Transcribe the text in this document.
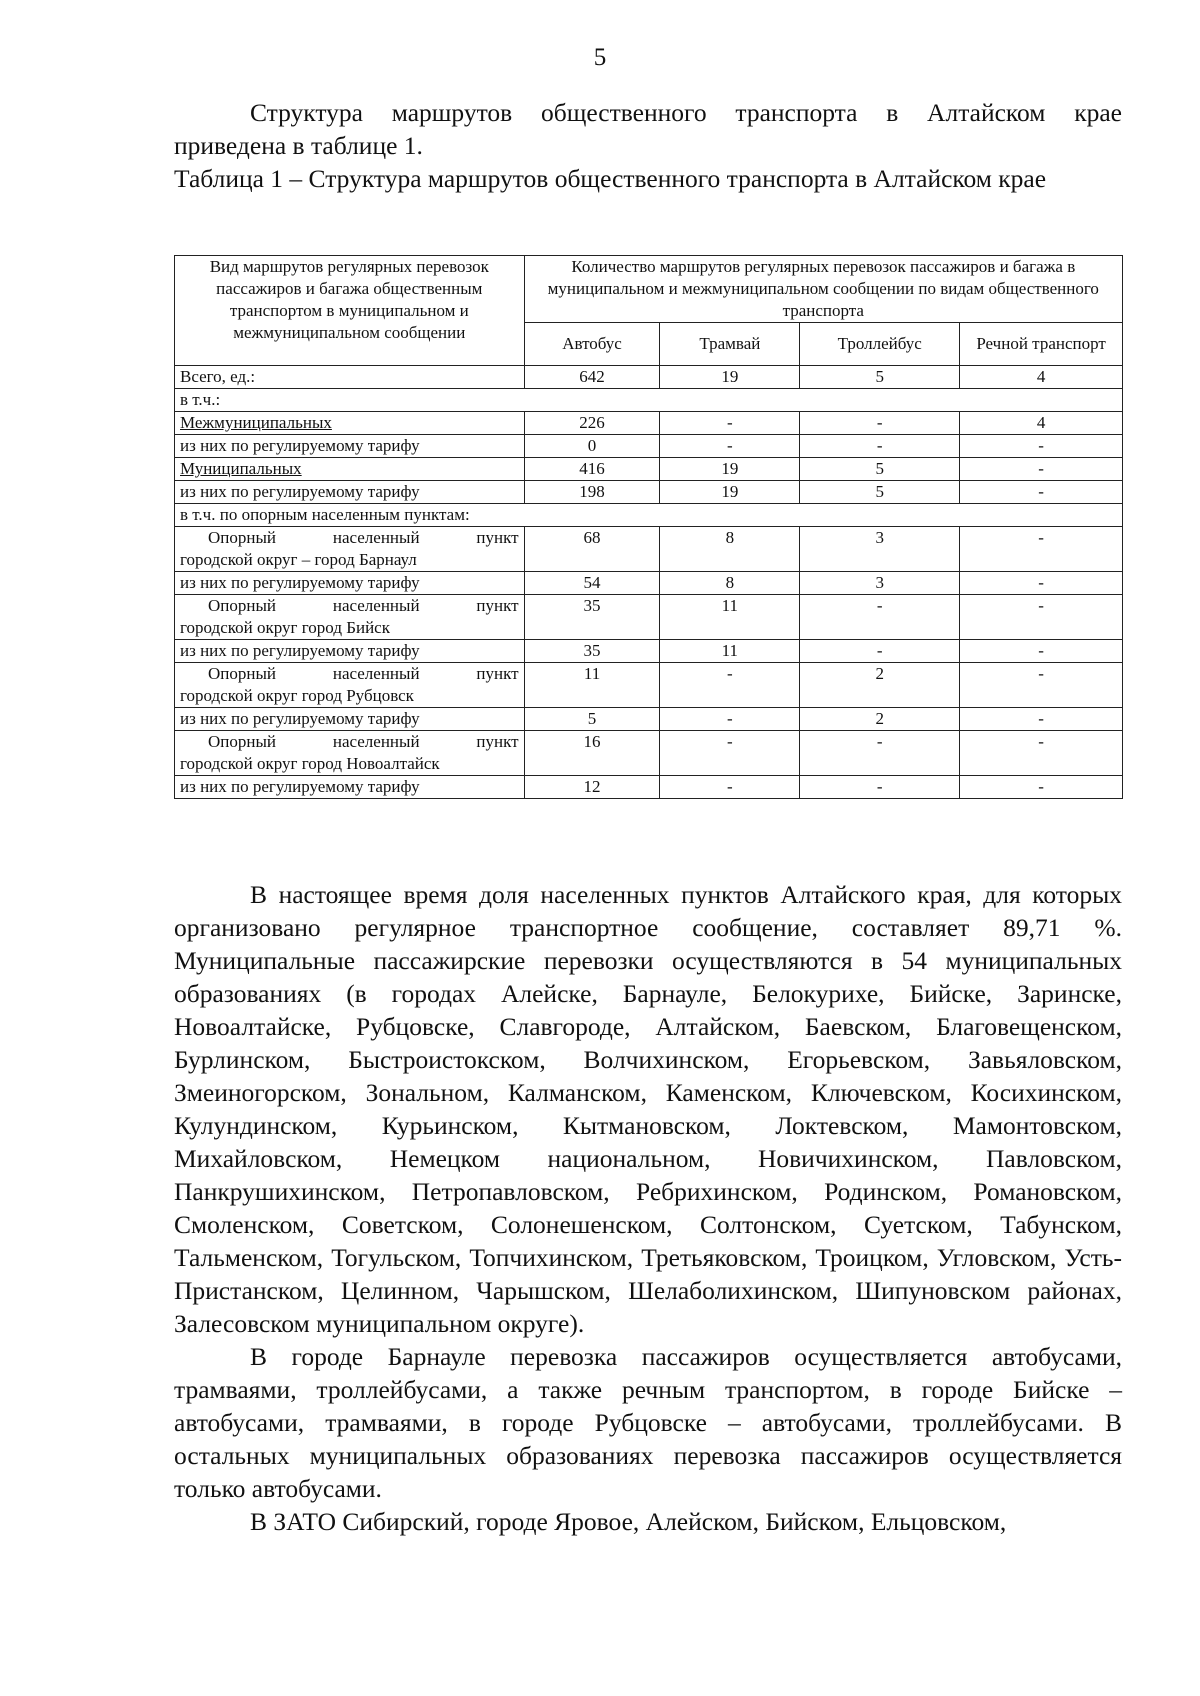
5

Структура маршрутов общественного транспорта в Алтайском крае

приведена в таблице 1.

Таблица 1 – Структура маршрутов общественного транспорта в Алтайском крае

Вид маршрутов регулярных перевозок пассажиров и багажа общественным транспортом в муниципальном и межмуниципальном сообщении	Количество маршрутов регулярных перевозок пассажиров и багажа в муниципальном и межмуниципальном сообщении по видам общественного транспорта			
	Автобус	Трамвай	Троллейбус	Речной транспорт
Всего, ед.:	642	19	5	4
в т.ч.:				
Межмуниципальных	226	-	-	4
из них по регулируемому тарифу	0	-	-	-
Муниципальных	416	19	5	-
из них по регулируемому тарифу	198	19	5	-
в т.ч. по опорным населенным пунктам:				

Опорный населенный пункт
городской округ – город Барнаул	68	8	3	-
из них по регулируемому тарифу	54	8	3	-

Опорный населенный пункт
городской округ город Бийск	35	11	-	-
из них по регулируемому тарифу	35	11	-	-

Опорный населенный пункт
городской округ город Рубцовск	11	-	2	-
из них по регулируемому тарифу	5	-	2	-

Опорный населенный пункт
городской округ город Новоалтайск	16	-	-	-
из них по регулируемому тарифу	12	-	-	-

В настоящее время доля населенных пунктов Алтайского края, для которых организовано регулярное транспортное сообщение, составляет 89,71 %. Муниципальные пассажирские перевозки осуществляются в 54 муниципальных образованиях (в городах Алейске, Барнауле, Белокурихе, Бийске, Заринске, Новоалтайске, Рубцовске, Славгороде, Алтайском, Баевском, Благовещенском, Бурлинском, Быстроистокском, Волчихинском, Егорьевском, Завьяловском, Змеиногорском, Зональном, Калманском, Каменском, Ключевском, Косихинском, Кулундинском, Курьинском, Кытмановском, Локтевском, Мамонтовском, Михайловском, Немецком национальном, Новичихинском, Павловском, Панкрушихинском, Петропавловском, Ребрихинском, Родинском, Романовском, Смоленском, Советском, Солонешенском, Солтонском, Суетском, Табунском, Тальменском, Тогульском, Топчихинском, Третьяковском, Троицком, Угловском, Усть-Пристанском, Целинном, Чарышском, Шелаболихинском, Шипуновском районах, Залесовском муниципальном округе).

В городе Барнауле перевозка пассажиров осуществляется автобусами, трамваями, троллейбусами, а также речным транспортом, в городе Бийске – автобусами, трамваями, в городе Рубцовске – автобусами, троллейбусами. В остальных муниципальных образованиях перевозка пассажиров осуществляется только автобусами.

В ЗАТО Сибирский, городе Яровое, Алейском, Бийском, Ельцовском,
